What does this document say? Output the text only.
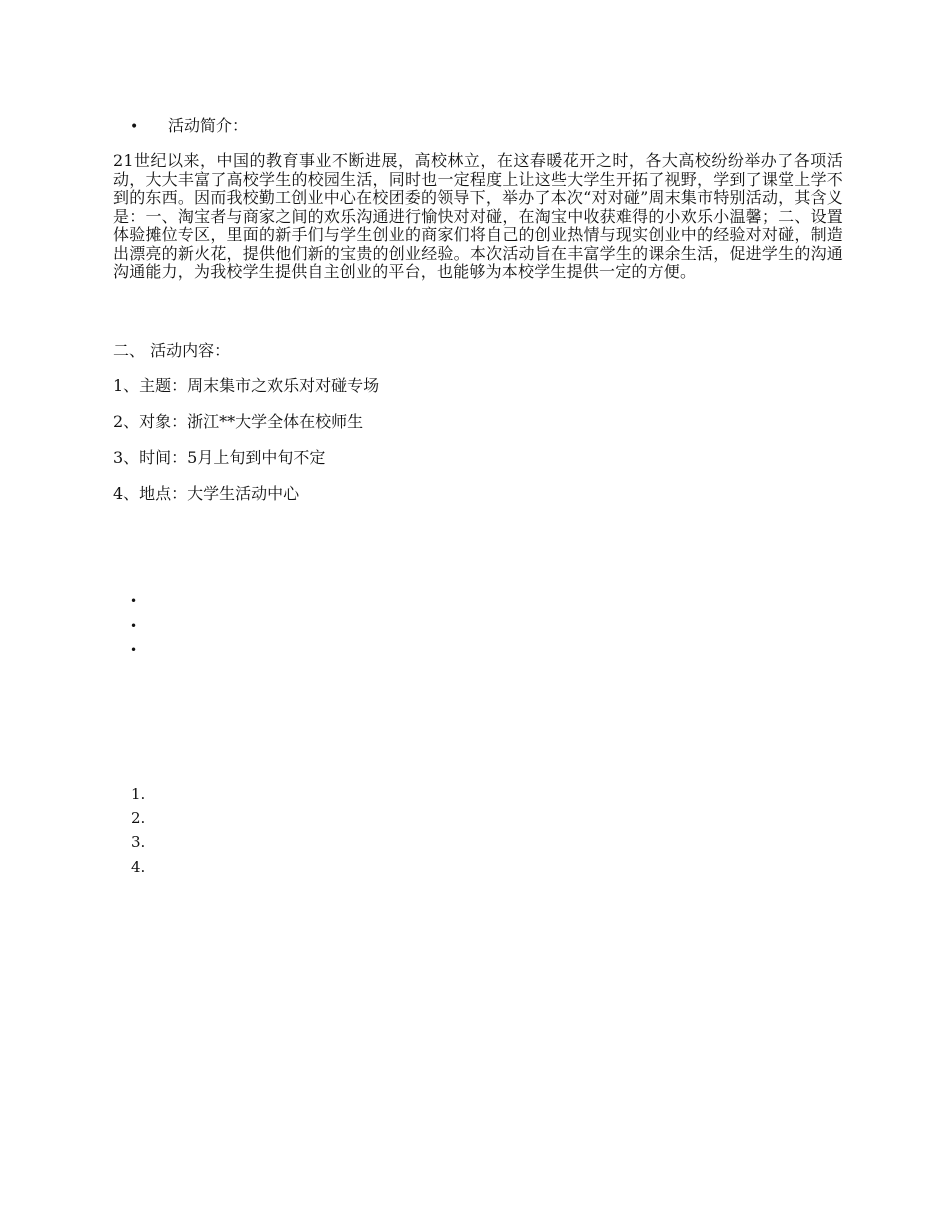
• 活动简介：
21世纪以来，中国的教育事业不断进展，高校林立，在这春暖花开之时，各大高校纷纷举办了各项活动，大大丰富了高校学生的校园生活，同时也一定程度上让这些大学生开拓了视野，学到了课堂上学不到的东西。因而我校勤工创业中心在校团委的领导下，举办了本次“对对碰”周末集市特别活动，其含义是：一、淘宝者与商家之间的欢乐沟通进行愉快对对碰，在淘宝中收获难得的小欢乐小温馨；二、设置体验摊位专区，里面的新手们与学生创业的商家们将自己的创业热情与现实创业中的经验对对碰，制造出漂亮的新火花，提供他们新的宝贵的创业经验。本次活动旨在丰富学生的课余生活，促进学生的沟通沟通能力，为我校学生提供自主创业的平台，也能够为本校学生提供一定的方便。
二、 活动内容：
1、主题：周末集市之欢乐对对碰专场
2、对象：浙江**大学全体在校师生
3、时间：5月上旬到中旬不定
4、地点：大学生活动中心
•
•
•
1.
2.
3.
4.
